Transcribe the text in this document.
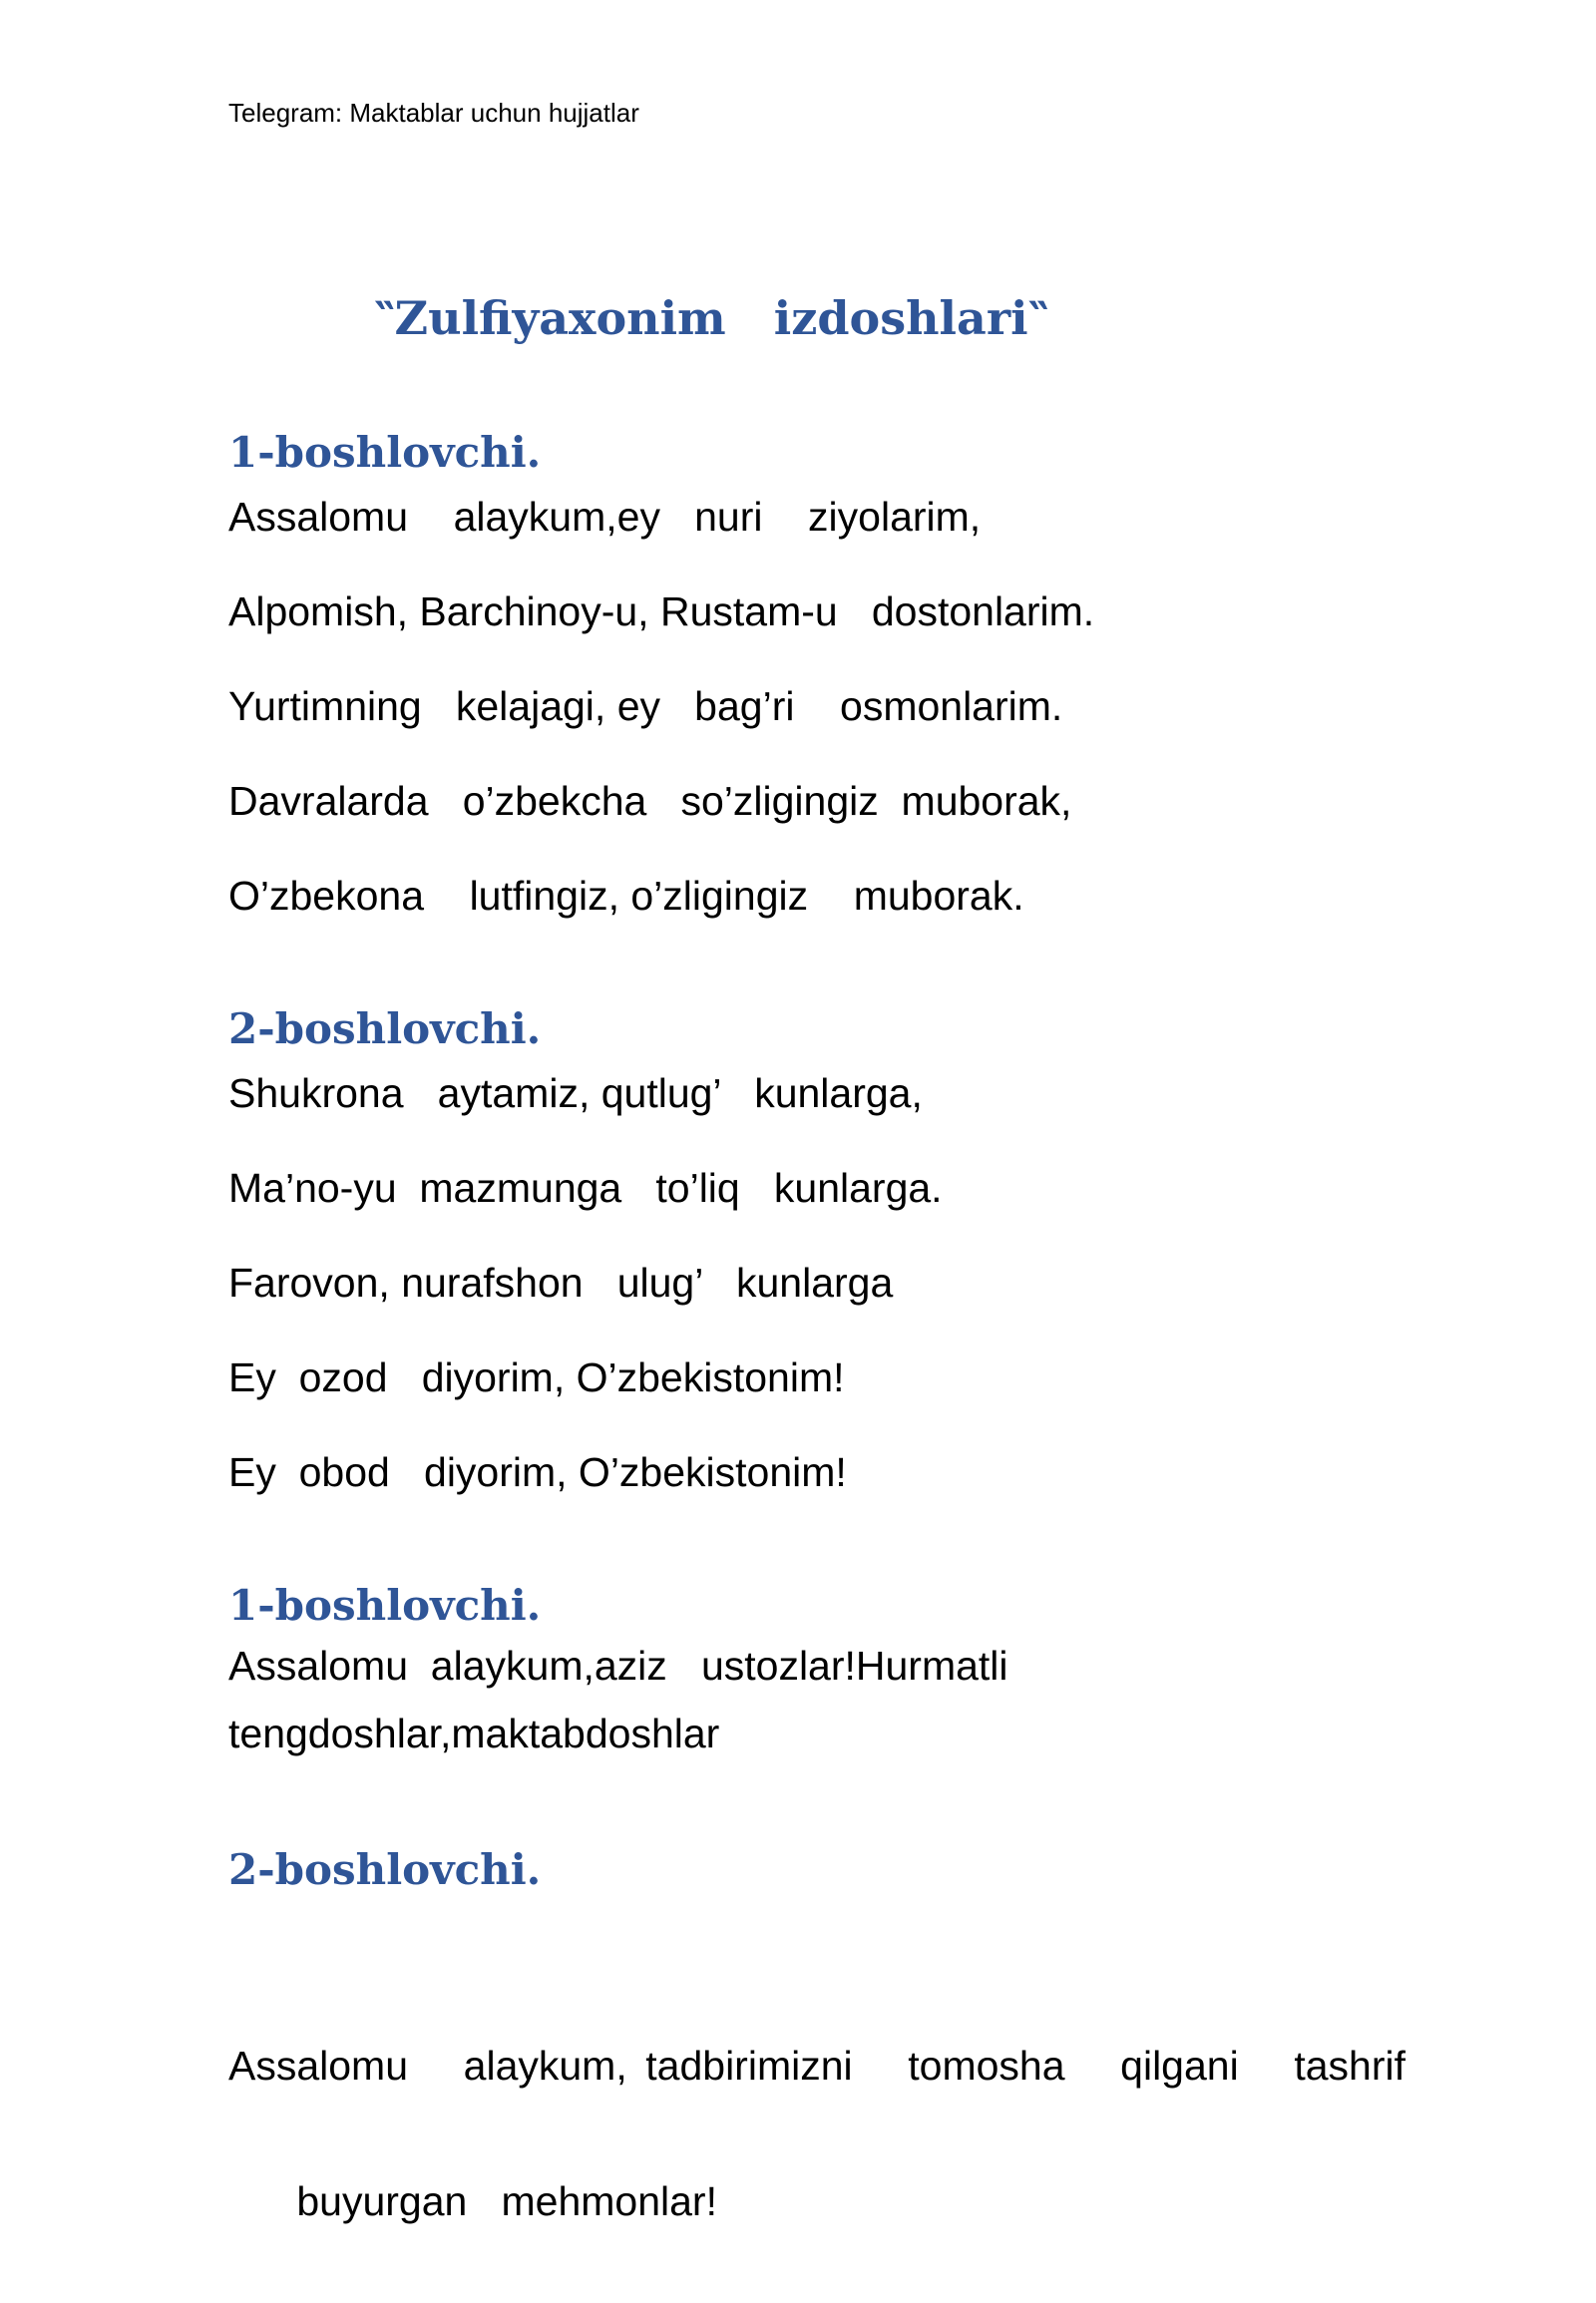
Telegram: Maktablar uchun hujjatlar
‶Zulfiyaxonim   izdoshlari‶
1-boshlovchi.
Assalomu    alaykum,ey   nuri    ziyolarim,
Alpomish, Barchinoy-u, Rustam-u   dostonlarim.
Yurtimning   kelajagi, ey   bag’ri    osmonlarim.
Davralarda   o’zbekcha   so’zligingiz  muborak,
O’zbekona    lutfingiz, o’zligingiz    muborak.
2-boshlovchi.
Shukrona   aytamiz, qutlug’   kunlarga,
Ma’no-yu  mazmunga   to’liq   kunlarga.
Farovon, nurafshon   ulug’   kunlarga
Ey  ozod   diyorim, O’zbekistonim!
Ey  obod   diyorim, O’zbekistonim!
1-boshlovchi.
Assalomu  alaykum,aziz   ustozlar!Hurmatli
tengdoshlar,maktabdoshlar
2-boshlovchi.

Assalomu   alaykum, tadbirimizni   tomosha   qilgani   tashrif

buyurgan   mehmonlar!
